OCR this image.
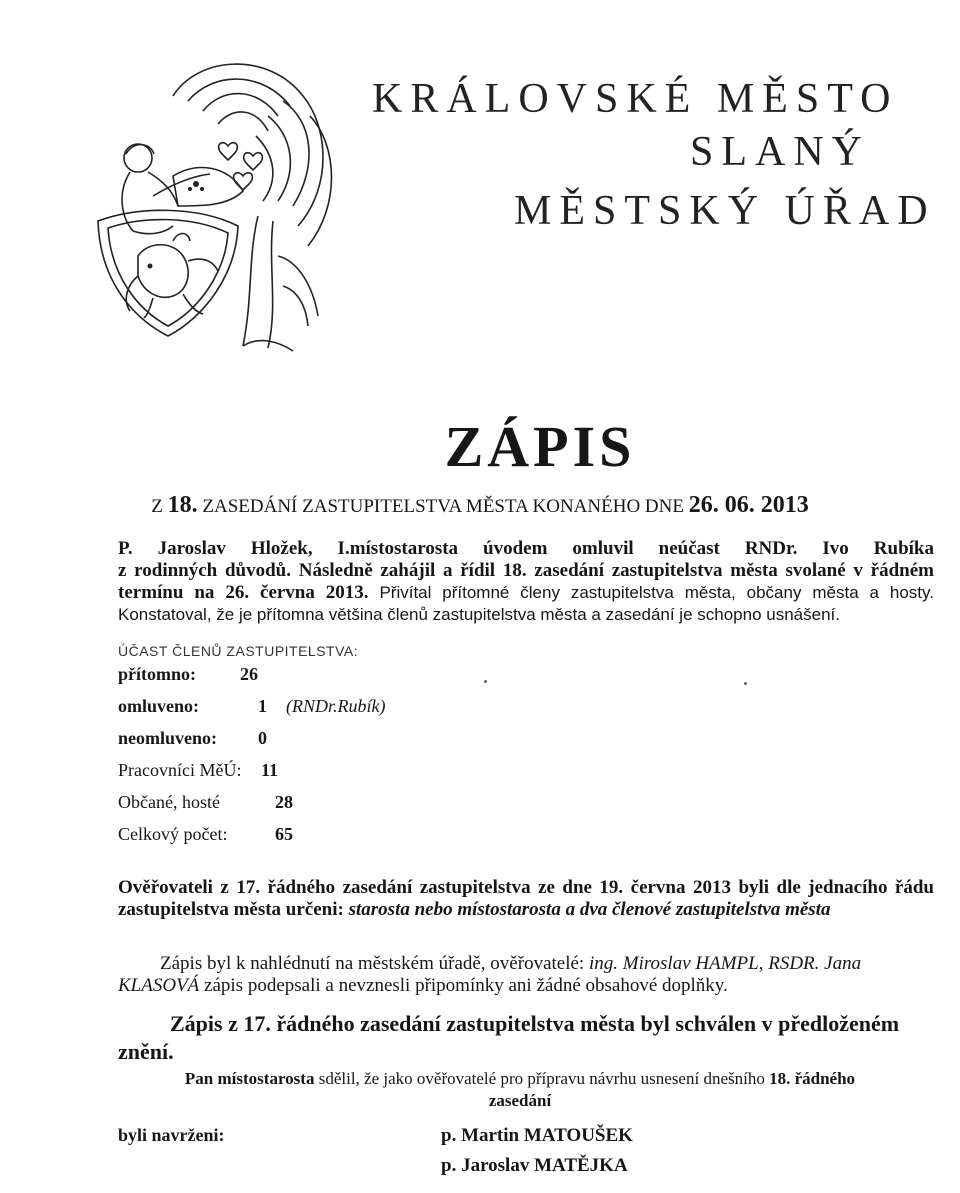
KRÁLOVSKÉ MĚSTO
SLANÝ
MĚSTSKÝ ÚŘAD
ZÁPIS
Z 18. ZASEDÁNÍ ZASTUPITELSTVA MĚSTA KONANÉHO DNE 26. 06. 2013
P. Jaroslav Hložek, I.místostarosta úvodem omluvil neúčast RNDr. Ivo Rubíka
z rodinných důvodů. Následně zahájil a řídil 18. zasedání zastupitelstva města svolané v řádném
termínu na 26. června 2013. Přivítal přítomné členy zastupitelstva města, občany města a hosty.
Konstatoval, že je přítomna většina členů zastupitelstva města a zasedání je schopno usnášení.
ÚČAST ČLENŮ ZASTUPITELSTVA:
přítomno: 26
omluveno:	1 (RNDr.Rubík)
neomluveno: 0
Pracovníci MěÚ: 11
Občané, hosté	28
Celkový počet:	65
Ověřovateli z 17. řádného zasedání zastupitelstva ze dne 19. června 2013 byli dle jednacího řádu
zastupitelstva města určeni: starosta nebo místostarosta a dva členové zastupitelstva města
Zápis byl k nahlédnutí na městském úřadě, ověřovatelé: ing. Miroslav HAMPL, RSDR. Jana
KLASOVÁ zápis podepsali a nevznesli připomínky ani žádné obsahové doplňky.
Zápis z 17. řádného zasedání zastupitelstva města byl schválen v předloženém
znění.
Pan místostarosta sdělil, že jako ověřovatelé pro přípravu návrhu usnesení dnešního 18. řádného
zasedání
byli navrženi:	p. Martin MATOUŠEK
p. Jaroslav MATĚJKA
